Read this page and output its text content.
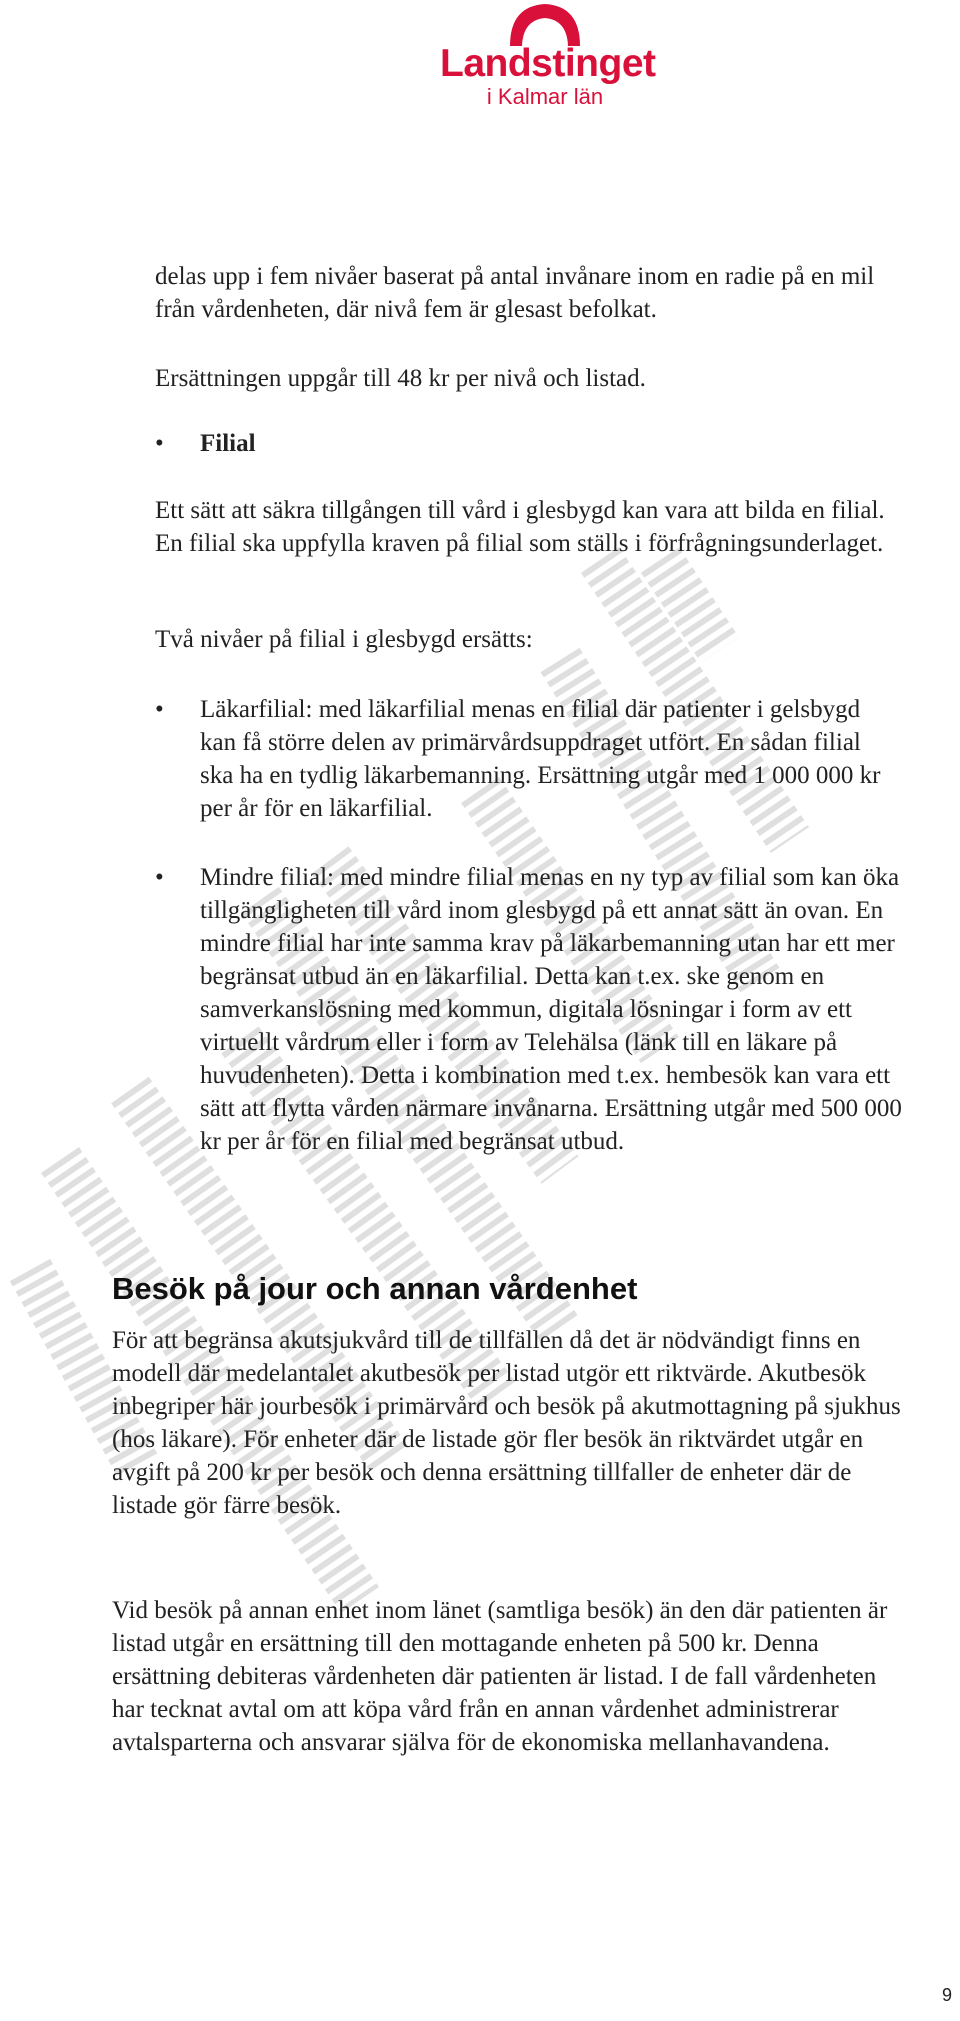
Landstinget
i Kalmar län

delas upp i fem nivåer baserat på antal invånare inom en radie på en mil från vårdenheten, där nivå fem är glesast befolkat.

Ersättningen uppgår till 48 kr per nivå och listad.

• Filial

Ett sätt att säkra tillgången till vård i glesbygd kan vara att bilda en filial. En filial ska uppfylla kraven på filial som ställs i förfrågningsunderlaget.

Två nivåer på filial i glesbygd ersätts:

• Läkarfilial: med läkarfilial menas en filial där patienter i gelsbygd kan få större delen av primärvårdsuppdraget utfört. En sådan filial ska ha en tydlig läkarbemanning. Ersättning utgår med 1 000 000 kr per år för en läkarfilial.

• Mindre filial: med mindre filial menas en ny typ av filial som kan öka tillgängligheten till vård inom glesbygd på ett annat sätt än ovan. En mindre filial har inte samma krav på läkarbemanning utan har ett mer begränsat utbud än en läkarfilial. Detta kan t.ex. ske genom en samverkanslösning med kommun, digitala lösningar i form av ett virtuellt vårdrum eller i form av Telehälsa (länk till en läkare på huvudenheten). Detta i kombination med t.ex. hembesök kan vara ett sätt att flytta vården närmare invånarna. Ersättning utgår med 500 000 kr per år för en filial med begränsat utbud.

Besök på jour och annan vårdenhet

För att begränsa akutsjukvård till de tillfällen då det är nödvändigt finns en modell där medelantalet akutbesök per listad utgör ett riktvärde. Akutbesök inbegriper här jourbesök i primärvård och besök på akutmottagning på sjukhus (hos läkare). För enheter där de listade gör fler besök än riktvärdet utgår en avgift på 200 kr per besök och denna ersättning tillfaller de enheter där de listade gör färre besök.

Vid besök på annan enhet inom länet (samtliga besök) än den där patienten är listad utgår en ersättning till den mottagande enheten på 500 kr. Denna ersättning debiteras vårdenheten där patienten är listad. I de fall vårdenheten har tecknat avtal om att köpa vård från en annan vårdenhet administrerar avtalsparterna och ansvarar själva för de ekonomiska mellanhavandena.

9
